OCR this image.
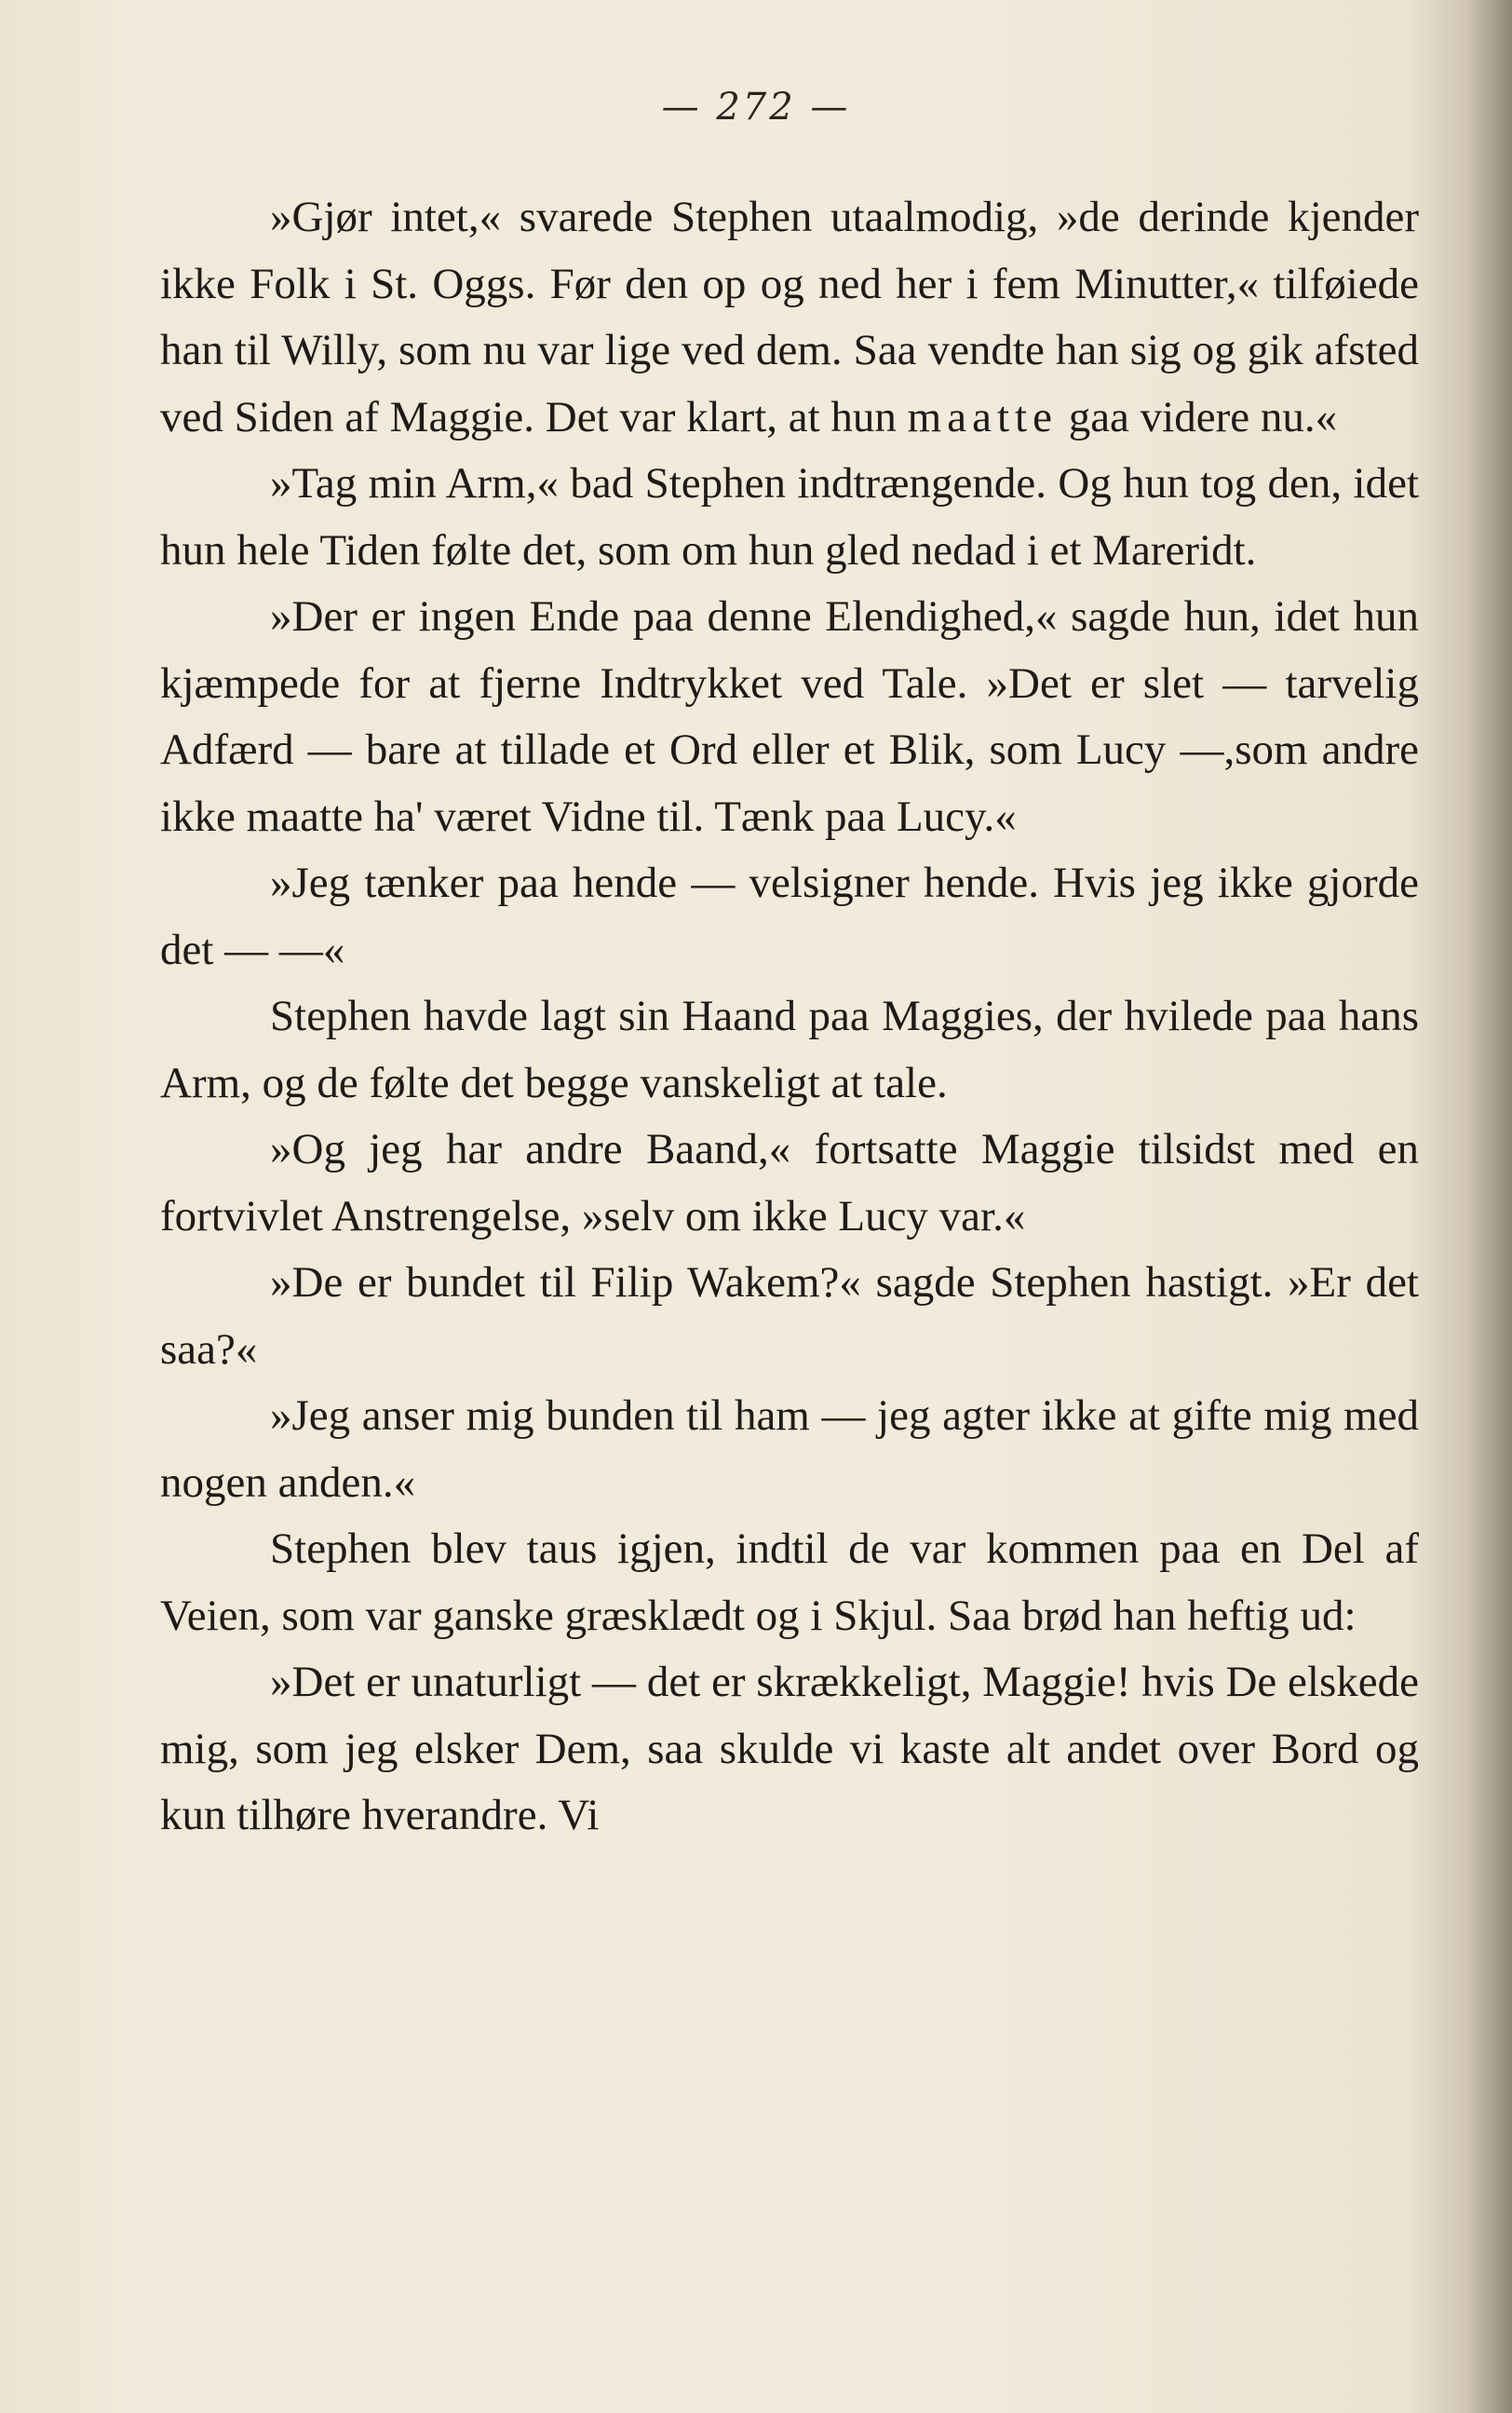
— 272 —

»Gjør intet,« svarede Stephen utaalmodig, »de derinde kjender ikke Folk i St. Oggs. Før den op og ned her i fem Minutter,« tilføiede han til Willy, som nu var lige ved dem. Saa vendte han sig og gik afsted ved Siden af Maggie. Det var klart, at hun maatte gaa videre nu.«

»Tag min Arm,« bad Stephen indtrængende. Og hun tog den, idet hun hele Tiden følte det, som om hun gled nedad i et Mareridt.

»Der er ingen Ende paa denne Elendighed,« sagde hun, idet hun kjæmpede for at fjerne Indtrykket ved Tale. »Det er slet — tarvelig Adfærd — bare at tillade et Ord eller et Blik, som Lucy —,som andre ikke maatte ha' været Vidne til. Tænk paa Lucy.«

»Jeg tænker paa hende — velsigner hende. Hvis jeg ikke gjorde det — —«

Stephen havde lagt sin Haand paa Maggies, der hvilede paa hans Arm, og de følte det begge vanskeligt at tale.

»Og jeg har andre Baand,« fortsatte Maggie tilsidst med en fortvivlet Anstrengelse, »selv om ikke Lucy var.«

»De er bundet til Filip Wakem?« sagde Stephen hastigt. »Er det saa?«

»Jeg anser mig bunden til ham — jeg agter ikke at gifte mig med nogen anden.«

Stephen blev taus igjen, indtil de var kommen paa en Del af Veien, som var ganske græsklædt og i Skjul. Saa brød han heftig ud:

»Det er unaturligt — det er skrækkeligt, Maggie! hvis De elskede mig, som jeg elsker Dem, saa skulde vi kaste alt andet over Bord og kun tilhøre hverandre. Vi
